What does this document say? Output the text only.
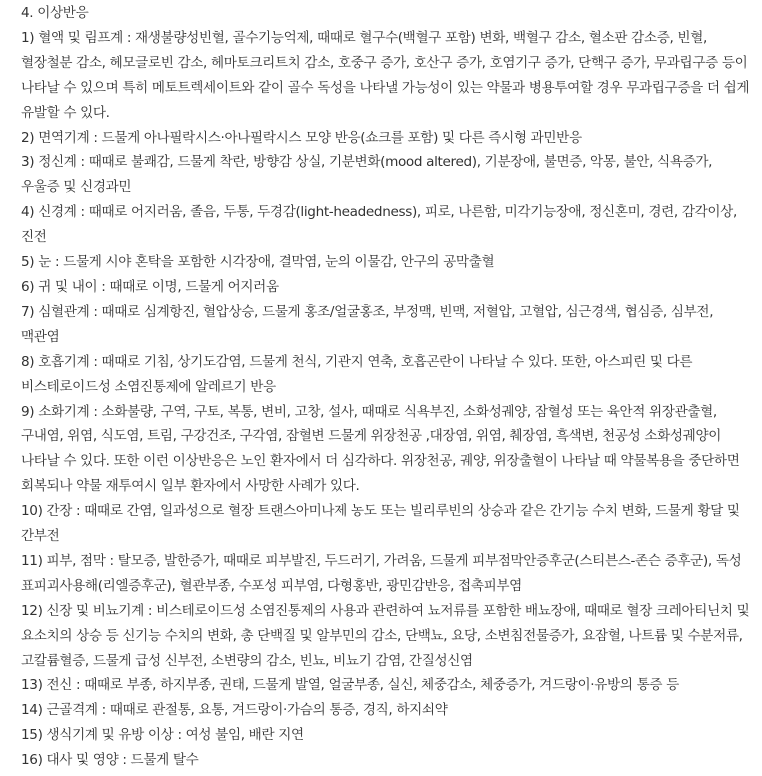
4. 이상반응

1) 혈액 및 림프계 : 재생불량성빈혈, 골수기능억제, 때때로 혈구수(백혈구 포함) 변화, 백혈구 감소, 혈소판 감소증, 빈혈, 혈장철분 감소, 헤모글로빈 감소, 헤마토크리트치 감소, 호중구 증가, 호산구 증가, 호염기구 증가, 단핵구 증가, 무과립구증 등이 나타날 수 있으며 특히 메토트렉세이트와 같이 골수 독성을 나타낼 가능성이 있는 약물과 병용투여할 경우 무과립구증을 더 쉽게 유발할 수 있다.

2) 면역기계 : 드물게 아나필락시스·아나필락시스 모양 반응(쇼크를 포함) 및 다른 즉시형 과민반응

3) 정신계 : 때때로 불쾌감, 드물게 착란, 방향감 상실, 기분변화(mood altered), 기분장애, 불면증, 악몽, 불안, 식욕증가, 우울증 및 신경과민

4) 신경계 : 때때로 어지러움, 졸음, 두통, 두경감(light-headedness), 피로, 나른함, 미각기능장애, 정신혼미, 경련, 감각이상, 진전

5) 눈 : 드물게 시야 혼탁을 포함한 시각장애, 결막염, 눈의 이물감, 안구의 공막출혈

6) 귀 및 내이 : 때때로 이명, 드물게 어지러움

7) 심혈관계 : 때때로 심계항진, 혈압상승, 드물게 홍조/얼굴홍조, 부정맥, 빈맥, 저혈압, 고혈압, 심근경색, 협심증, 심부전, 맥관염

8) 호흡기계 : 때때로 기침, 상기도감염, 드물게 천식, 기관지 연축, 호흡곤란이 나타날 수 있다. 또한, 아스피린 및 다른 비스테로이드성 소염진통제에 알레르기 반응

9) 소화기계 : 소화불량, 구역, 구토, 복통, 변비, 고창, 설사, 때때로 식욕부진, 소화성궤양, 잠혈성 또는 육안적 위장관출혈, 구내염, 위염, 식도염, 트림, 구강건조, 구각염, 잠혈변 드물게 위장천공 ,대장염, 위염, 췌장염, 흑색변, 천공성 소화성궤양이 나타날 수 있다. 또한 이런 이상반응은 노인 환자에서 더 심각하다. 위장천공, 궤양, 위장출혈이 나타날 때 약물복용을 중단하면 회복되나 약물 재투여시 일부 환자에서 사망한 사례가 있다.

10) 간장 : 때때로 간염, 일과성으로 혈장 트랜스아미나제 농도 또는 빌리루빈의 상승과 같은 간기능 수치 변화, 드물게 황달 및 간부전

11) 피부, 점막 : 탈모증, 발한증가, 때때로 피부발진, 두드러기, 가려움, 드물게 피부점막안증후군(스티븐스-존슨 증후군), 독성 표피괴사용해(리엘증후군), 혈관부종, 수포성 피부염, 다형홍반, 광민감반응, 접촉피부염

12) 신장 및 비뇨기계 : 비스테로이드성 소염진통제의 사용과 관련하여 뇨저류를 포함한 배뇨장애, 때때로 혈장 크레아티닌치 및 요소치의 상승 등 신기능 수치의 변화, 총 단백질 및 알부민의 감소, 단백뇨, 요당, 소변침전물증가, 요잠혈, 나트륨 및 수분저류, 고칼륨혈증, 드물게 급성 신부전, 소변량의 감소, 빈뇨, 비뇨기 감염, 간질성신염

13) 전신 : 때때로 부종, 하지부종, 권태, 드물게 발열, 얼굴부종, 실신, 체중감소, 체중증가, 겨드랑이·유방의 통증 등

14) 근골격계 : 때때로 관절통, 요통, 겨드랑이·가슴의 통증, 경직, 하지쇠약

15) 생식기계 및 유방 이상 : 여성 불임, 배란 지연

16) 대사 및 영양 : 드물게 탈수
